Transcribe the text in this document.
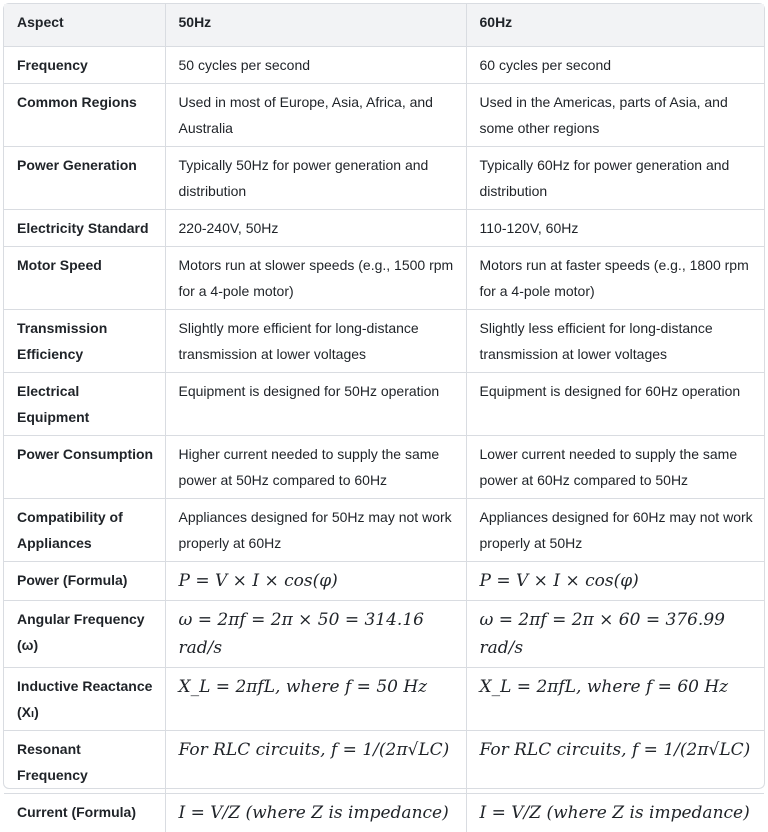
Aspect	50Hz	60Hz
Frequency	50 cycles per second	60 cycles per second
Common Regions	Used in most of Europe, Asia, Africa, and Australia	Used in the Americas, parts of Asia, and some other regions
Power Generation	Typically 50Hz for power generation and distribution	Typically 60Hz for power generation and distribution
Electricity Standard	220-240V, 50Hz	110-120V, 60Hz
Motor Speed	Motors run at slower speeds (e.g., 1500 rpm for a 4-pole motor)	Motors run at faster speeds (e.g., 1800 rpm for a 4-pole motor)
Transmission Efficiency	Slightly more efficient for long-distance transmission at lower voltages	Slightly less efficient for long-distance transmission at lower voltages
Electrical Equipment	Equipment is designed for 50Hz operation	Equipment is designed for 60Hz operation
Power Consumption	Higher current needed to supply the same power at 50Hz compared to 60Hz	Lower current needed to supply the same power at 60Hz compared to 50Hz
Compatibility of Appliances	Appliances designed for 50Hz may not work properly at 60Hz	Appliances designed for 60Hz may not work properly at 50Hz
Power (Formula)	P = V × I × cos(φ)	P = V × I × cos(φ)
Angular Frequency (ω)	ω = 2πf = 2π × 50 = 314.16 rad/s	ω = 2πf = 2π × 60 = 376.99 rad/s
Inductive Reactance (Xₗ)	X_L = 2πfL, where f = 50 Hz	X_L = 2πfL, where f = 60 Hz
Resonant Frequency	For RLC circuits, f = 1/(2π√LC)	For RLC circuits, f = 1/(2π√LC)
Current (Formula)	I = V/Z (where Z is impedance)	I = V/Z (where Z is impedance)
